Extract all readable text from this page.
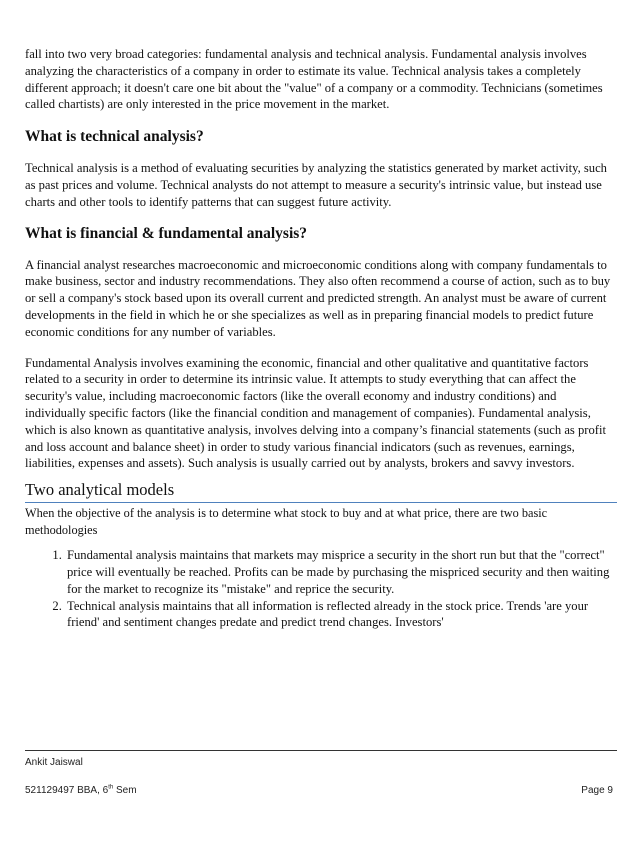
fall into two very broad categories: fundamental analysis and technical analysis. Fundamental analysis involves analyzing the characteristics of a company in order to estimate its value. Technical analysis takes a completely different approach; it doesn't care one bit about the "value" of a company or a commodity. Technicians (sometimes called chartists) are only interested in the price movement in the market.

What is technical analysis?

Technical analysis is a method of evaluating securities by analyzing the statistics generated by market activity, such as past prices and volume. Technical analysts do not attempt to measure a security's intrinsic value, but instead use charts and other tools to identify patterns that can suggest future activity.

What is financial & fundamental analysis?

A financial analyst researches macroeconomic and microeconomic conditions along with company fundamentals to make business, sector and industry recommendations. They also often recommend a course of action, such as to buy or sell a company's stock based upon its overall current and predicted strength. An analyst must be aware of current developments in the field in which he or she specializes as well as in preparing financial models to predict future economic conditions for any number of variables.

Fundamental Analysis involves examining the economic, financial and other qualitative and quantitative factors related to a security in order to determine its intrinsic value. It attempts to study everything that can affect the security's value, including macroeconomic factors (like the overall economy and industry conditions) and individually specific factors (like the financial condition and management of companies). Fundamental analysis, which is also known as quantitative analysis, involves delving into a company’s financial statements (such as profit and loss account and balance sheet) in order to study various financial indicators (such as revenues, earnings, liabilities, expenses and assets). Such analysis is usually carried out by analysts, brokers and savvy investors.

Two analytical models

When the objective of the analysis is to determine what stock to buy and at what price, there are two basic methodologies

1. Fundamental analysis maintains that markets may misprice a security in the short run but that the "correct" price will eventually be reached. Profits can be made by purchasing the mispriced security and then waiting for the market to recognize its "mistake" and reprice the security.
2. Technical analysis maintains that all information is reflected already in the stock price. Trends 'are your friend' and sentiment changes predate and predict trend changes. Investors'
Ankit Jaiswal
521129497 BBA, 6th Sem	Page 9
